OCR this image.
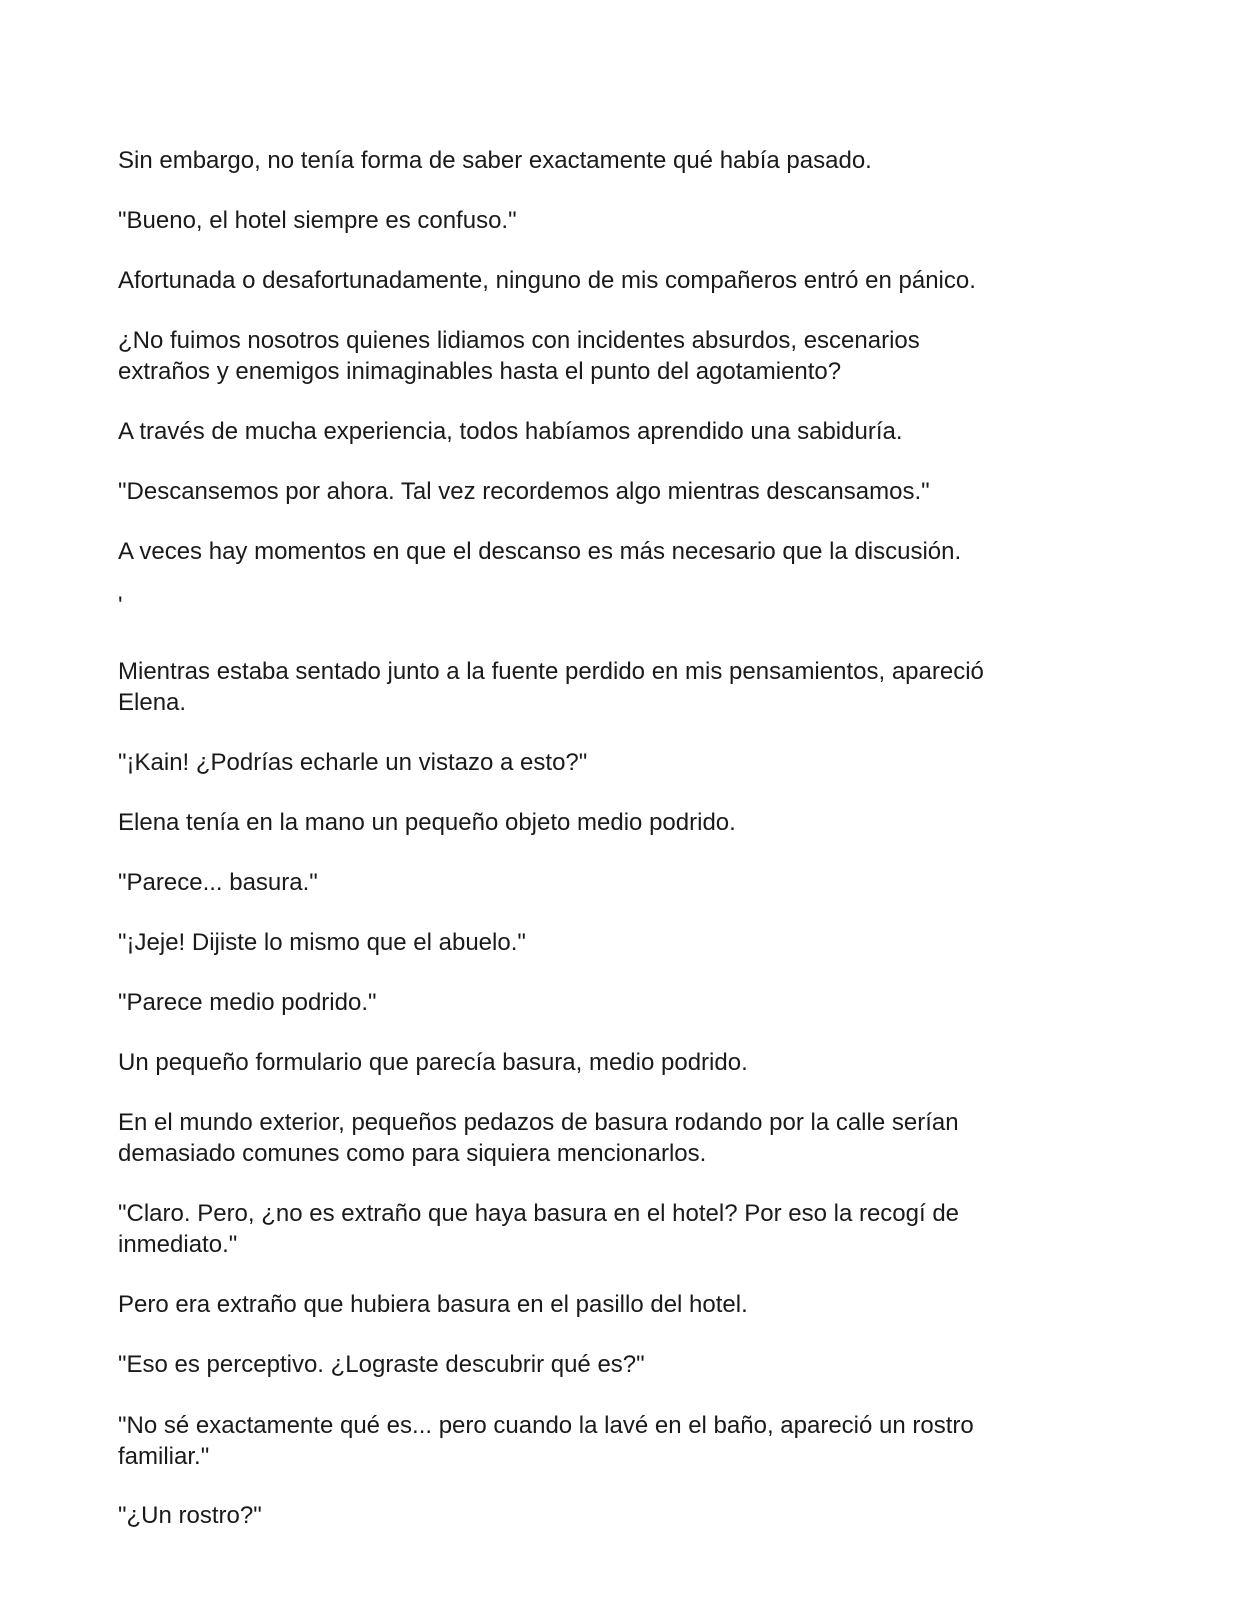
Sin embargo, no tenía forma de saber exactamente qué había pasado.

"Bueno, el hotel siempre es confuso."

Afortunada o desafortunadamente, ninguno de mis compañeros entró en pánico.

¿No fuimos nosotros quienes lidiamos con incidentes absurdos, escenarios
extraños y enemigos inimaginables hasta el punto del agotamiento?

A través de mucha experiencia, todos habíamos aprendido una sabiduría.

"Descansemos por ahora. Tal vez recordemos algo mientras descansamos."

A veces hay momentos en que el descanso es más necesario que la discusión.

'

Mientras estaba sentado junto a la fuente perdido en mis pensamientos, apareció
Elena.

"¡Kain! ¿Podrías echarle un vistazo a esto?"

Elena tenía en la mano un pequeño objeto medio podrido.

"Parece... basura."

"¡Jeje! Dijiste lo mismo que el abuelo."

"Parece medio podrido."

Un pequeño formulario que parecía basura, medio podrido.

En el mundo exterior, pequeños pedazos de basura rodando por la calle serían
demasiado comunes como para siquiera mencionarlos.

"Claro. Pero, ¿no es extraño que haya basura en el hotel? Por eso la recogí de
inmediato."

Pero era extraño que hubiera basura en el pasillo del hotel.

"Eso es perceptivo. ¿Lograste descubrir qué es?"

"No sé exactamente qué es... pero cuando la lavé en el baño, apareció un rostro
familiar."

"¿Un rostro?"
